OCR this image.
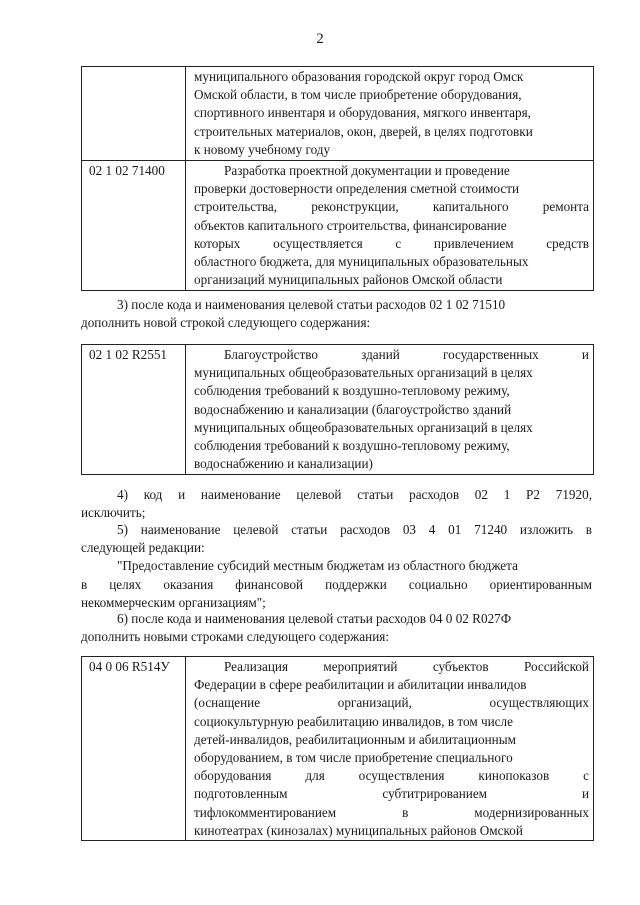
2
муниципального образования городской округ город Омск
Омской области, в том числе приобретение оборудования,
спортивного инвентаря и оборудования, мягкого инвентаря,
строительных материалов, окон, дверей, в целях подготовки
к новому учебному году
02 1 02 71400	Разработка проектной документации и проведение
проверки достоверности определения сметной стоимости
строительства, реконструкции, капитального ремонта
объектов капитального строительства, финансирование
которых осуществляется с привлечением средств
областного бюджета, для муниципальных образовательных
организаций муниципальных районов Омской области
3) после кода и наименования целевой статьи расходов 02 1 02 71510
дополнить новой строкой следующего содержания:
02 1 02 R2551	Благоустройство зданий государственных и
муниципальных общеобразовательных организаций в целях
соблюдения требований к воздушно-тепловому режиму,
водоснабжению и канализации (благоустройство зданий
муниципальных общеобразовательных организаций в целях
соблюдения требований к воздушно-тепловому режиму,
водоснабжению и канализации)
4) код и наименование целевой статьи расходов 02 1 P2 71920,
исключить;
5) наименование целевой статьи расходов 03 4 01 71240 изложить в
следующей редакции:
"Предоставление субсидий местным бюджетам из областного бюджета
в целях оказания финансовой поддержки социально ориентированным
некоммерческим организациям";
6) после кода и наименования целевой статьи расходов 04 0 02 R027Ф
дополнить новыми строками следующего содержания:
04 0 06 R514У	Реализация мероприятий субъектов Российской
Федерации в сфере реабилитации и абилитации инвалидов
(оснащение организаций, осуществляющих
социокультурную реабилитацию инвалидов, в том числе
детей-инвалидов, реабилитационным и абилитационным
оборудованием, в том числе приобретение специального
оборудования для осуществления кинопоказов с
подготовленным субтитрированием и
тифлокомментированием в модернизированных
кинотеатрах (кинозалах) муниципальных районов Омской
